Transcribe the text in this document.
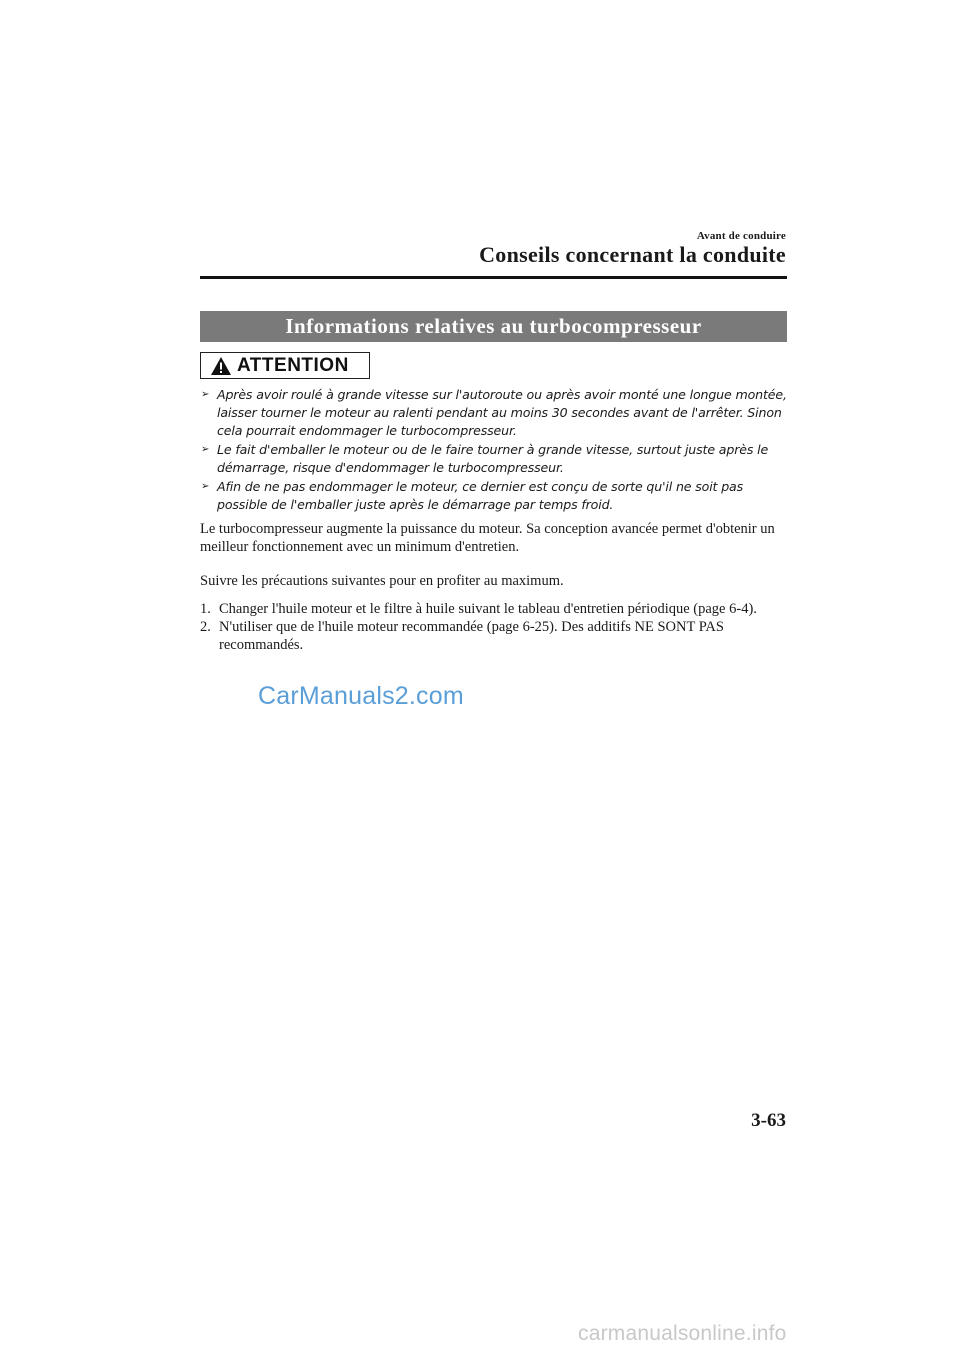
Avant de conduire
Conseils concernant la conduite
Informations relatives au turbocompresseur
ATTENTION
➢ Après avoir roulé à grande vitesse sur l'autoroute ou après avoir monté une longue montée, laisser tourner le moteur au ralenti pendant au moins 30 secondes avant de l'arrêter. Sinon cela pourrait endommager le turbocompresseur.
➢ Le fait d'emballer le moteur ou de le faire tourner à grande vitesse, surtout juste après le démarrage, risque d'endommager le turbocompresseur.
➢ Afin de ne pas endommager le moteur, ce dernier est conçu de sorte qu'il ne soit pas possible de l'emballer juste après le démarrage par temps froid.

Le turbocompresseur augmente la puissance du moteur. Sa conception avancée permet d'obtenir un meilleur fonctionnement avec un minimum d'entretien.

Suivre les précautions suivantes pour en profiter au maximum.

1. Changer l'huile moteur et le filtre à huile suivant le tableau d'entretien périodique (page 6-4).
2. N'utiliser que de l'huile moteur recommandée (page 6-25). Des additifs NE SONT PAS recommandés.
CarManuals2.com
3-63
carmanualsonline.info
